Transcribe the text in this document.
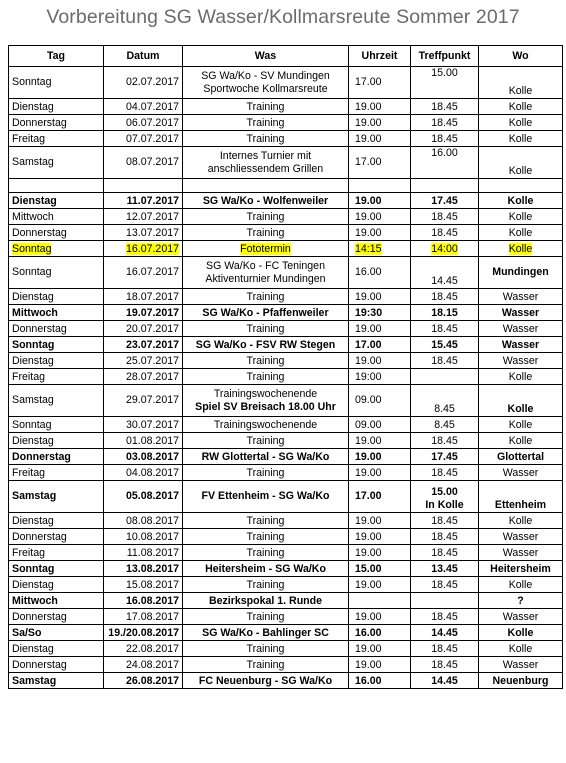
Vorbereitung SG Wasser/Kollmarsreute Sommer 2017
Tag	Datum	Was	Uhrzeit	Treffpunkt	Wo
Sonntag	02.07.2017	SG Wa/Ko - SV Mundingen
Sportwoche Kollmarsreute	17.00	15.00	Kolle
Dienstag	04.07.2017	Training	19.00	18.45	Kolle
Donnerstag	06.07.2017	Training	19.00	18.45	Kolle
Freitag	07.07.2017	Training	19.00	18.45	Kolle
Samstag	08.07.2017	Internes Turnier mit
anschliessendem Grillen	17.00	16.00	Kolle

Dienstag	11.07.2017	SG Wa/Ko - Wolfenweiler	19.00	17.45	Kolle
Mittwoch	12.07.2017	Training	19.00	18.45	Kolle
Donnerstag	13.07.2017	Training	19.00	18.45	Kolle
Sonntag	16.07.2017	Fototermin	14:15	14:00	Kolle
Sonntag	16.07.2017	SG Wa/Ko - FC Teningen
Aktiventurnier Mundingen	16.00	14.45	Mundingen
Dienstag	18.07.2017	Training	19.00	18.45	Wasser
Mittwoch	19.07.2017	SG Wa/Ko - Pfaffenweiler	19:30	18.15	Wasser
Donnerstag	20.07.2017	Training	19.00	18.45	Wasser
Sonntag	23.07.2017	SG Wa/Ko - FSV RW Stegen	17.00	15.45	Wasser
Dienstag	25.07.2017	Training	19.00	18.45	Wasser
Freitag	28.07.2017	Training	19:00		Kolle
Samstag	29.07.2017	Trainingswochenende
Spiel SV Breisach 18.00 Uhr	09.00	8.45	Kolle
Sonntag	30.07.2017	Trainingswochenende	09.00	8.45	Kolle
Dienstag	01.08.2017	Training	19.00	18.45	Kolle
Donnerstag	03.08.2017	RW Glottertal - SG Wa/Ko	19.00	17.45	Glottertal
Freitag	04.08.2017	Training	19.00	18.45	Wasser
Samstag	05.08.2017	FV Ettenheim - SG Wa/Ko	17.00	15.00
In Kolle	Ettenheim
Dienstag	08.08.2017	Training	19.00	18.45	Kolle
Donnerstag	10.08.2017	Training	19.00	18.45	Wasser
Freitag	11.08.2017	Training	19.00	18.45	Wasser
Sonntag	13.08.2017	Heitersheim - SG Wa/Ko	15.00	13.45	Heitersheim
Dienstag	15.08.2017	Training	19.00	18.45	Kolle
Mittwoch	16.08.2017	Bezirkspokal 1. Runde			?
Donnerstag	17.08.2017	Training	19.00	18.45	Wasser
Sa/So	19./20.08.2017	SG Wa/Ko - Bahlinger SC	16.00	14.45	Kolle
Dienstag	22.08.2017	Training	19.00	18.45	Kolle
Donnerstag	24.08.2017	Training	19.00	18.45	Wasser
Samstag	26.08.2017	FC Neuenburg - SG Wa/Ko	16.00	14.45	Neuenburg
